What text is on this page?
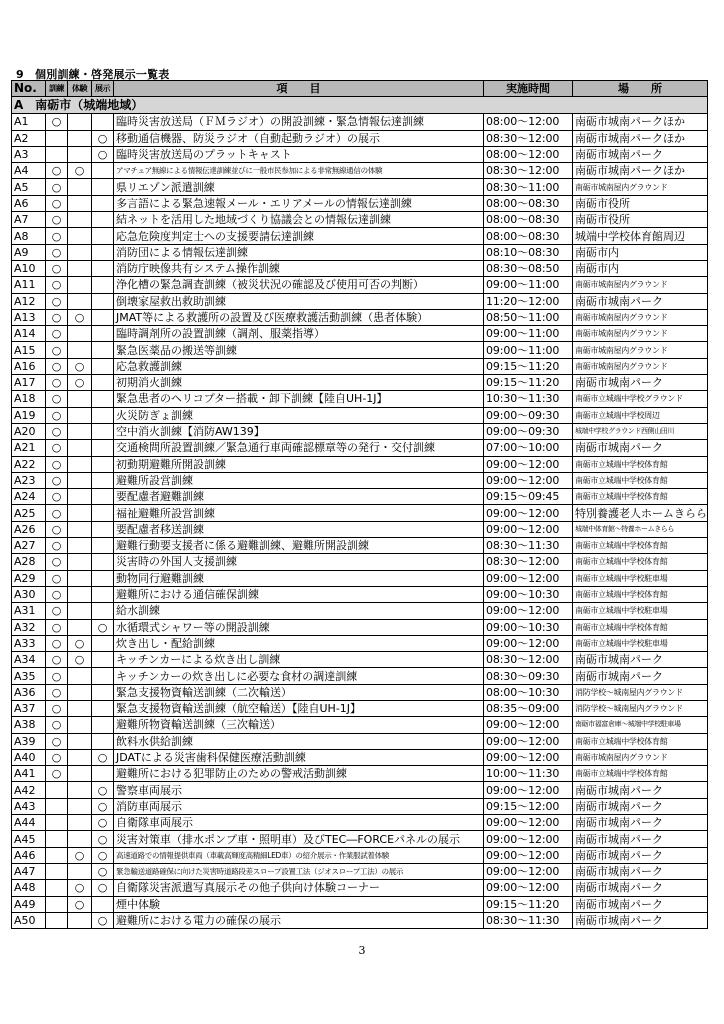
9　個別訓練・啓発展示一覧表
No.	訓練	体験	展示	項　　目	実施時間	場　　所
A　南砺市（城端地域）						
A1	○			臨時災害放送局（ＦＭラジオ）の開設訓練・緊急情報伝達訓練	08:00～12:00	南砺市城南パークほか
A2			○	移動通信機器、防災ラジオ（自動起動ラジオ）の展示	08:30～12:00	南砺市城南パークほか
A3			○	臨時災害放送局のプラットキャスト	08:00～12:00	南砺市城南パーク
A4	○	○		アマチュア無線による情報伝達訓練並びに一般市民参加による非常無線通信の体験	08:30～12:00	南砺市城南パークほか
A5	○			県リエゾン派遣訓練	08:30～11:00	南砺市城南屋内グラウンド
A6	○			多言語による緊急速報メール・エリアメールの情報伝達訓練	08:00～08:30	南砺市役所
A7	○			結ネットを活用した地域づくり協議会との情報伝達訓練	08:00～08:30	南砺市役所
A8	○			応急危険度判定士への支援要請伝達訓練	08:00～08:30	城端中学校体育館周辺
A9	○			消防団による情報伝達訓練	08:10～08:30	南砺市内
A10	○			消防庁映像共有システム操作訓練	08:30～08:50	南砺市内
A11	○			浄化槽の緊急調査訓練（被災状況の確認及び使用可否の判断）	09:00～11:00	南砺市城南屋内グラウンド
A12	○			倒壊家屋救出救助訓練	11:20～12:00	南砺市城南パーク
A13	○	○		JMAT等による救護所の設置及び医療救護活動訓練（患者体験）	08:50～11:00	南砺市城南屋内グラウンド
A14	○			臨時調剤所の設置訓練（調剤、服薬指導）	09:00～11:00	南砺市城南屋内グラウンド
A15	○			緊急医薬品の搬送等訓練	09:00～11:00	南砺市城南屋内グラウンド
A16	○	○		応急救護訓練	09:15～11:20	南砺市城南屋内グラウンド
A17	○	○		初期消火訓練	09:15～11:20	南砺市城南パーク
A18	○			緊急患者のヘリコプター搭載・卸下訓練【陸自UH-1J】	10:30～11:30	南砺市立城端中学校グラウンド
A19	○			火災防ぎょ訓練	09:00～09:30	南砺市立城端中学校周辺
A20	○			空中消火訓練【消防AW139】	09:00～09:30	城端中学校グラウンド西側山田川
A21	○			交通検問所設置訓練／緊急通行車両確認標章等の発行・交付訓練	07:00～10:00	南砺市城南パーク
A22	○			初動期避難所開設訓練	09:00～12:00	南砺市立城端中学校体育館
A23	○			避難所設営訓練	09:00～12:00	南砺市立城端中学校体育館
A24	○			要配慮者避難訓練	09:15～09:45	南砺市立城端中学校体育館
A25	○			福祉避難所設営訓練	09:00～12:00	特別養護老人ホームきらら
A26	○			要配慮者移送訓練	09:00～12:00	城端中体育館～特養ホームきらら
A27	○			避難行動要支援者に係る避難訓練、避難所開設訓練	08:30～11:30	南砺市立城端中学校体育館
A28	○			災害時の外国人支援訓練	08:30～12:00	南砺市立城端中学校体育館
A29	○			動物同行避難訓練	09:00～12:00	南砺市立城端中学校駐車場
A30	○			避難所における通信確保訓練	09:00～10:30	南砺市立城端中学校体育館
A31	○			給水訓練	09:00～12:00	南砺市立城端中学校駐車場
A32	○		○	水循環式シャワー等の開設訓練	09:00～10:30	南砺市立城端中学校体育館
A33	○	○		炊き出し・配給訓練	09:00～12:00	南砺市立城端中学校駐車場
A34	○	○		キッチンカーによる炊き出し訓練	08:30～12:00	南砺市城南パーク
A35	○			キッチンカーの炊き出しに必要な食材の調達訓練	08:30～09:30	南砺市城南パーク
A36	○			緊急支援物資輸送訓練（二次輸送）	08:00～10:30	消防学校～城南屋内グラウンド
A37	○			緊急支援物資輸送訓練（航空輸送）【陸自UH-1J】	08:35～09:00	消防学校～城南屋内グラウンド
A38	○			避難所物資輸送訓練（三次輸送）	09:00～12:00	南砺市福富倉庫～城端中学校駐車場
A39	○			飲料水供給訓練	09:00～12:00	南砺市立城端中学校体育館
A40	○		○	JDATによる災害歯科保健医療活動訓練	09:00～12:00	南砺市城南屋内グラウンド
A41	○			避難所における犯罪防止のための警戒活動訓練	10:00～11:30	南砺市立城端中学校体育館
A42			○	警察車両展示	09:00～12:00	南砺市城南パーク
A43			○	消防車両展示	09:15～12:00	南砺市城南パーク
A44			○	自衛隊車両展示	09:00～12:00	南砺市城南パーク
A45			○	災害対策車（排水ポンプ車・照明車）及びTEC―FORCEパネルの展示	09:00～12:00	南砺市城南パーク
A46		○	○	高速道路での情報提供車両（車載高輝度高精細LED車）の紹介展示・作業服試着体験	09:00～12:00	南砺市城南パーク
A47			○	緊急輸送道路確保に向けた災害時道路段差スロープ設置工法（ジオスロープ工法）の展示	09:00～12:00	南砺市城南パーク
A48		○	○	自衛隊災害派遣写真展示その他子供向け体験コーナー	09:00～12:00	南砺市城南パーク
A49		○		煙中体験	09:15～11:20	南砺市城南パーク
A50			○	避難所における電力の確保の展示	08:30～11:30	南砺市城南パーク
3
